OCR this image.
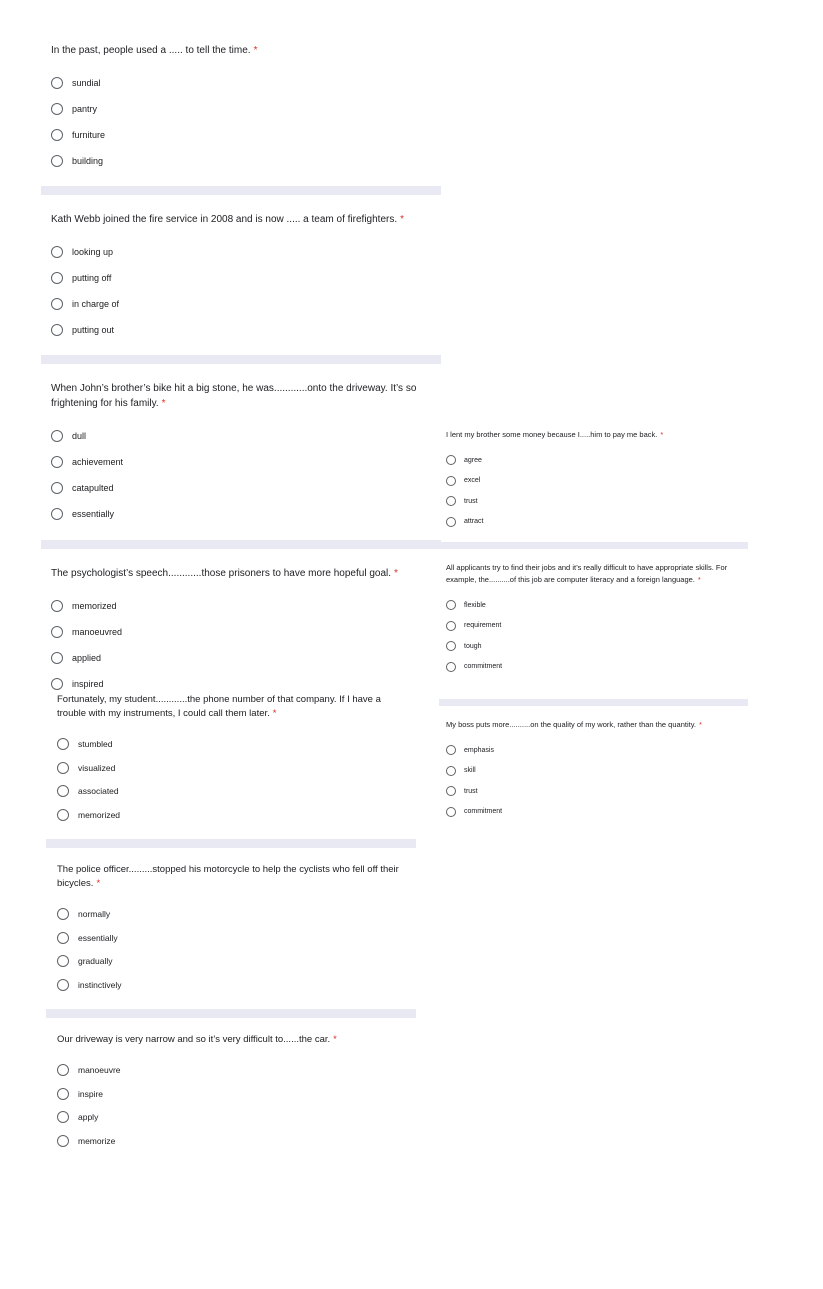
In the past, people used a ..... to tell the time. *
sundial
pantry
furniture
building
Kath Webb joined the fire service in 2008 and is now ..... a team of firefighters. *
looking up
putting off
in charge of
putting out
When John’s brother’s bike hit a big stone, he was............onto the driveway. It’s so frightening for his family. *
dull
achievement
catapulted
essentially
The psychologist’s speech............those prisoners to have more hopeful goal. *
memorized
manoeuvred
applied
inspired
Fortunately, my student............the phone number of that company. If I have a trouble with my instruments, I could call them later. *
stumbled
visualized
associated
memorized
The police officer.........stopped his motorcycle to help the cyclists who fell off their bicycles. *
normally
essentially
gradually
instinctively
Our driveway is very narrow and so it’s very difficult to......the car. *
manoeuvre
inspire
apply
memorize
I lent my brother some money because I.....him to pay me back. *
agree
excel
trust
attract
All applicants try to find their jobs and it’s really difficult to have appropriate skills. For example, the..........of this job are computer literacy and a foreign language. *
flexible
requirement
tough
commitment
My boss puts more..........on the quality of my work, rather than the quantity. *
emphasis
skill
trust
commitment
